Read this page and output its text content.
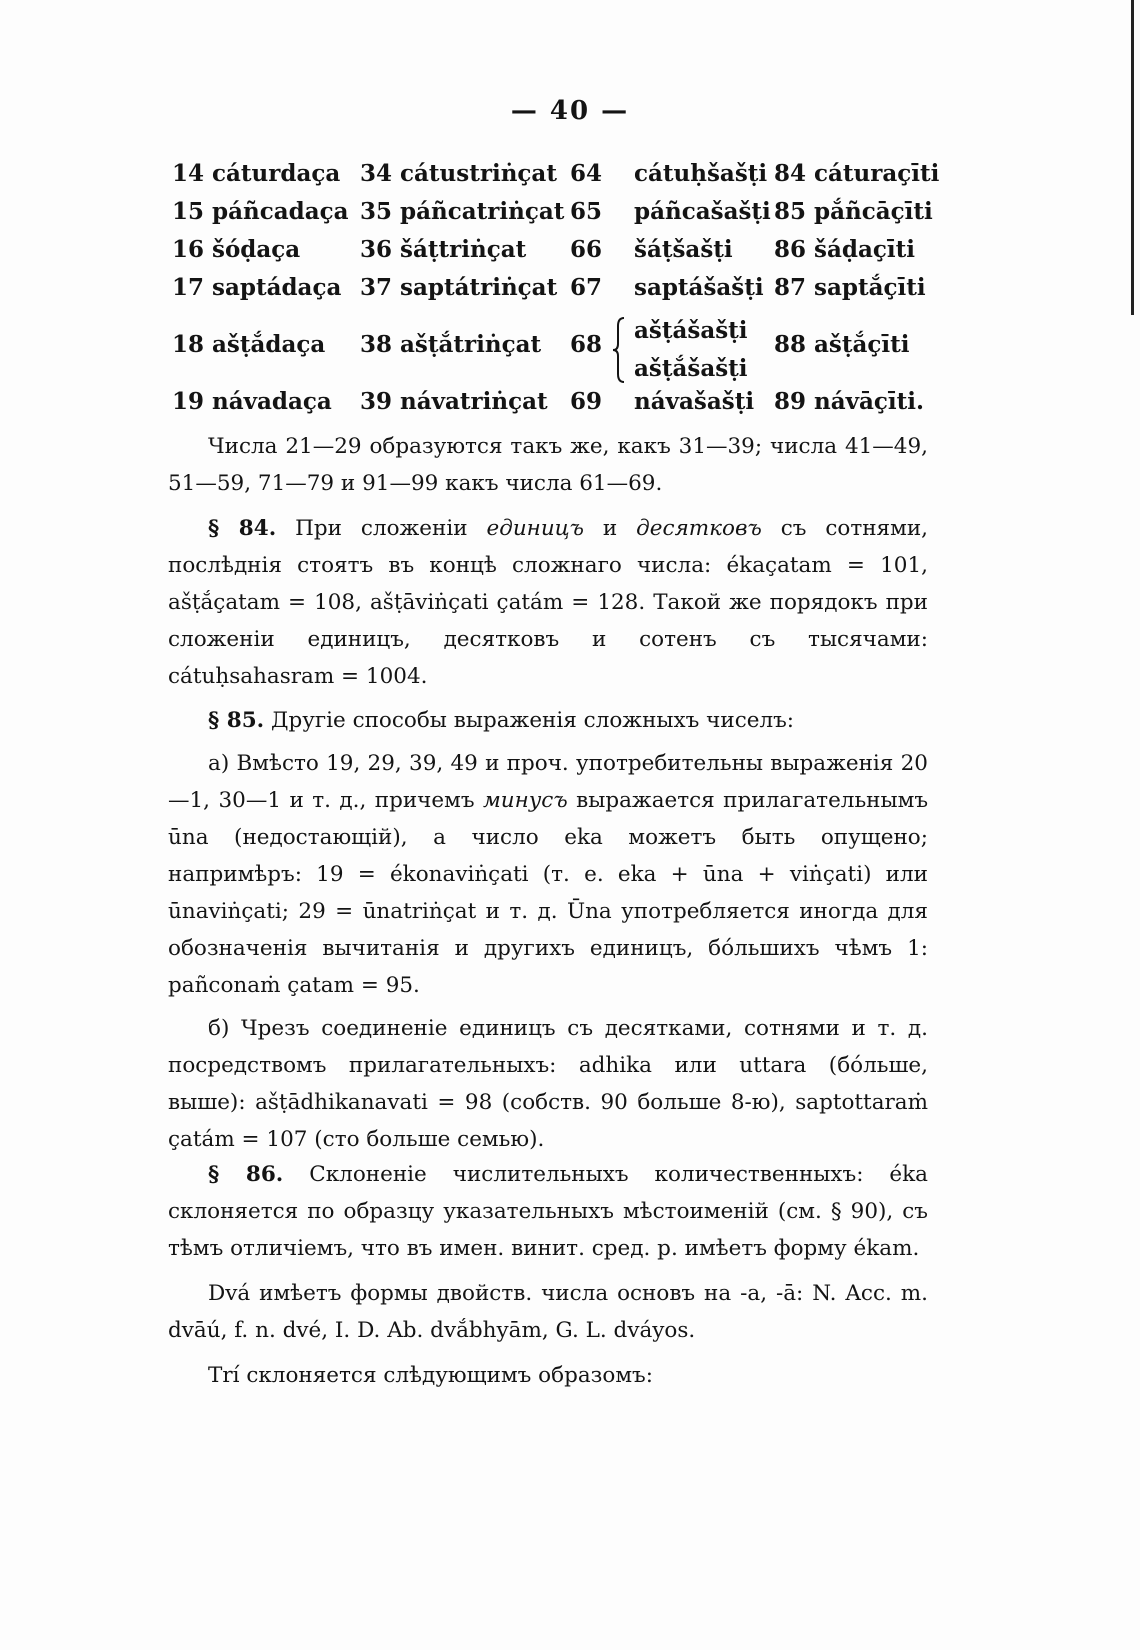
— 40 —
14 cáturdaça 34 cátustriṅçat 64 cátuḥšašṭi 84 cáturaçīti
15 páñcadaça 35 páñcatriṅçat 65 páñcašašṭi 85 pắñcāçīti
16 šóḍaça	36 šáṭtriṅçat 66 šáṭšašṭi 86 šáḍaçīti
17 saptádaça 37 saptátriṅçat 67 saptášašṭi 87 saptắçīti
18 ašṭắdaça 38 ašṭắtriṅçat 68
ašṭášašṭi
ašṭắšašṭi
88 ašṭắçīti
19 návadaça 39 návatriṅçat 69 návašašṭi 89 návāçīti.

Числа 21—29 образуются такъ же, какъ 31—39; числа 41—49, 51—59, 71—79 и 91—99 какъ числа 61—69.

§ 84. При сложеніи единицъ и десятковъ съ сотнями, послѣднія стоятъ въ концѣ сложнаго числа: ékaçatam = 101, ašṭắçatam = 108, ašṭāviṅçati çatám = 128. Такой же порядокъ при сложеніи единицъ, десятковъ и сотенъ съ тысячами: cátuḥsahasram = 1004.

§ 85. Другіе способы выраженія сложныхъ чиселъ:

а) Вмѣсто 19, 29, 39, 49 и проч. употребительны выраженія 20—1, 30—1 и т. д., причемъ минусъ выражается прилагательнымъ ūna (недостающій), а число eka можетъ быть опущено; напримѣръ: 19 = ékonaviṅçati (т. е. eka + ūna + viṅçati) или ūnaviṅçati; 29 = ūnatriṅçat и т. д. Ūna употребляется иногда для обозначенія вычитанія и другихъ единицъ, бóльшихъ чѣмъ 1: pañconaṁ çatam = 95.

б) Чрезъ соединеніе единицъ съ десятками, сотнями и т. д. посредствомъ прилагательныхъ: adhika или uttara (бóльше, выше): ašṭādhikanavati = 98 (собств. 90 больше 8-ю), saptottaraṁ çatám = 107 (сто больше семью).

§ 86. Склоненіе числительныхъ количественныхъ: éka склоняется по образцу указательныхъ мѣстоименій (см. § 90), съ тѣмъ отличіемъ, что въ имен. винит. сред. р. имѣетъ форму ékam.

Dvá имѣетъ формы двойств. числа основъ на -a, -ā: N. Acc. m. dvāú, f. n. dvé, I. D. Ab. dvắbhyām, G. L. dváyos.

Trí склоняется слѣдующимъ образомъ:
